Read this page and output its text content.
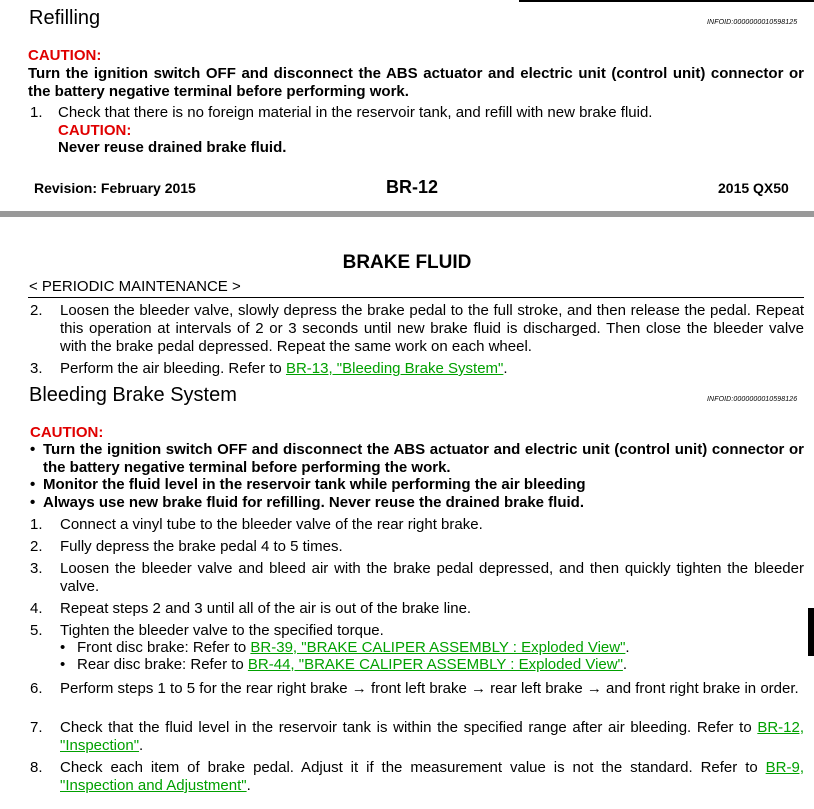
Refilling	INFOID:0000000010598125
CAUTION:
Turn the ignition switch OFF and disconnect the ABS actuator and electric unit (control unit) connector or the battery negative terminal before performing work.
1. Check that there is no foreign material in the reservoir tank, and refill with new brake fluid.
CAUTION:
Never reuse drained brake fluid.
Revision: February 2015	BR-12	2015 QX50
BRAKE FLUID
< PERIODIC MAINTENANCE >
2. Loosen the bleeder valve, slowly depress the brake pedal to the full stroke, and then release the pedal. Repeat this operation at intervals of 2 or 3 seconds until new brake fluid is discharged. Then close the bleeder valve with the brake pedal depressed. Repeat the same work on each wheel.
3. Perform the air bleeding. Refer to BR-13, "Bleeding Brake System".
Bleeding Brake System	INFOID:0000000010598126
CAUTION:
• Turn the ignition switch OFF and disconnect the ABS actuator and electric unit (control unit) connector or the battery negative terminal before performing the work.
• Monitor the fluid level in the reservoir tank while performing the air bleeding
• Always use new brake fluid for refilling. Never reuse the drained brake fluid.
1. Connect a vinyl tube to the bleeder valve of the rear right brake.
2. Fully depress the brake pedal 4 to 5 times.
3. Loosen the bleeder valve and bleed air with the brake pedal depressed, and then quickly tighten the bleeder valve.
4. Repeat steps 2 and 3 until all of the air is out of the brake line.
5. Tighten the bleeder valve to the specified torque.
• Front disc brake: Refer to BR-39, "BRAKE CALIPER ASSEMBLY : Exploded View".
• Rear disc brake: Refer to BR-44, "BRAKE CALIPER ASSEMBLY : Exploded View".
6. Perform steps 1 to 5 for the rear right brake → front left brake → rear left brake → and front right brake in order.
7. Check that the fluid level in the reservoir tank is within the specified range after air bleeding. Refer to BR-12, "Inspection".
8. Check each item of brake pedal. Adjust it if the measurement value is not the standard. Refer to BR-9, "Inspection and Adjustment".
